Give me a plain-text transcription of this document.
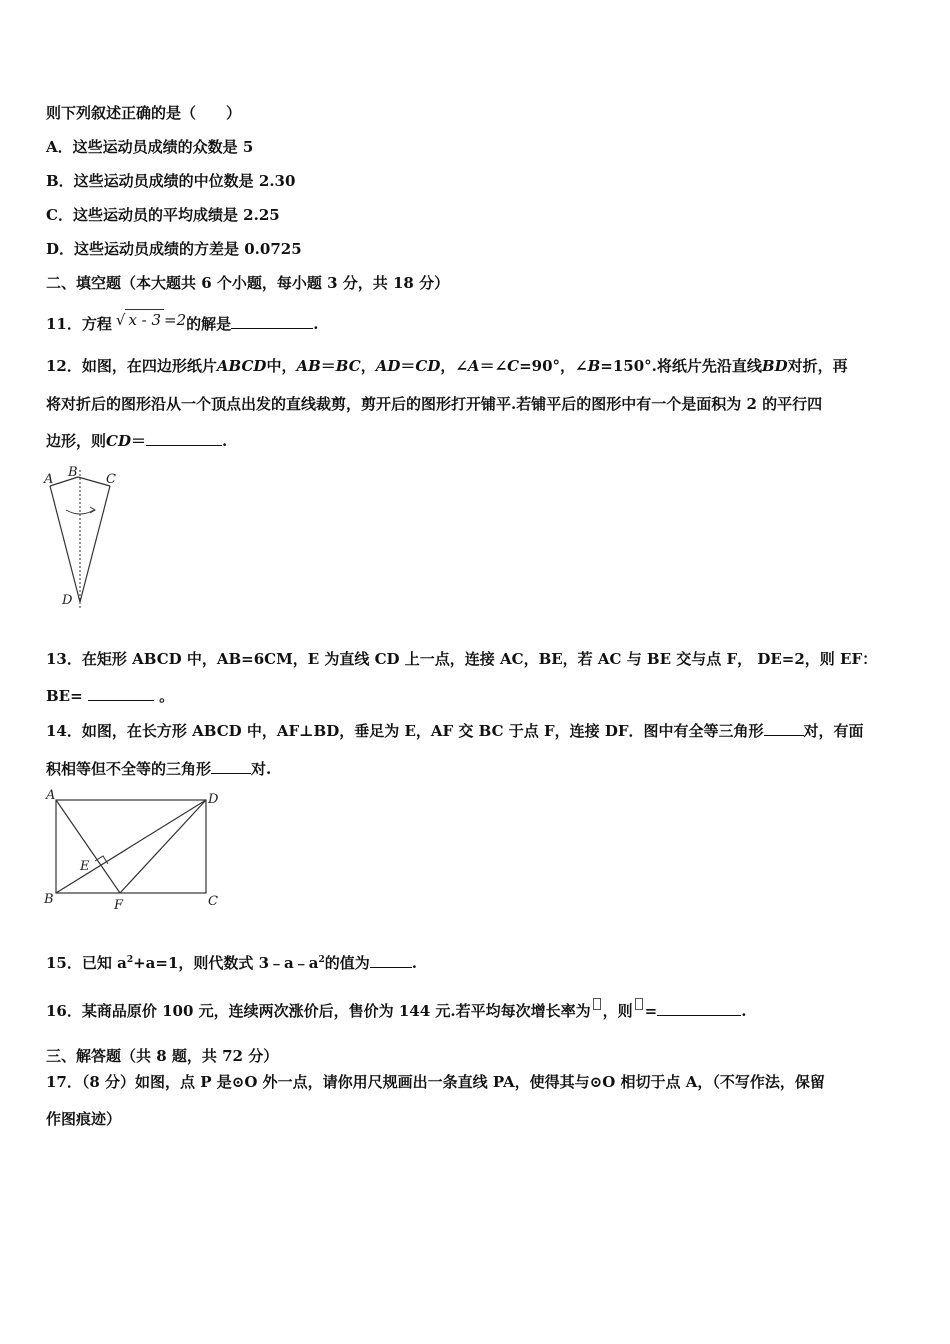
则下列叙述正确的是（　　）
A．这些运动员成绩的众数是 5
B．这些运动员成绩的中位数是 2.30
C．这些运动员的平均成绩是 2.25
D．这些运动员成绩的方差是 0.0725
二、填空题（本大题共 6 个小题，每小题 3 分，共 18 分）
11．方程 √ x - 3 =2的解是	.
12．如图，在四边形纸片ABCD中，AB＝BC，AD＝CD，∠A＝∠C=90°，∠B=150°.将纸片先沿直线BD对折，再
将对折后的图形沿从一个顶点出发的直线裁剪，剪开后的图形打开铺平.若铺平后的图形中有一个是面积为 2 的平行四
边形，则CD＝	.
A B C
D
13．在矩形 ABCD 中，AB=6CM，E 为直线 CD 上一点，连接 AC，BE，若 AC 与 BE 交与点 F， DE=2，则 EF：
BE=	。
14．如图，在长方形 ABCD 中，AF⊥BD，垂足为 E，AF 交 BC 于点 F，连接 DF．图中有全等三角形	对，有面
积相等但不全等的三角形	对.
A	D
E
B	F	C
15．已知 $a^2+a=1$，则代数式 $3﹣a﹣a^2$的值为	.
16．某商品原价 100 元，连续两次涨价后，售价为 144 元.若平均每次增长率为 ，则 =	.
三、解答题（共 8 题，共 72 分）
17．（8 分）如图，点 P 是⊙O 外一点，请你用尺规画出一条直线 PA，使得其与⊙O 相切于点 A，（不写作法，保留
作图痕迹）
